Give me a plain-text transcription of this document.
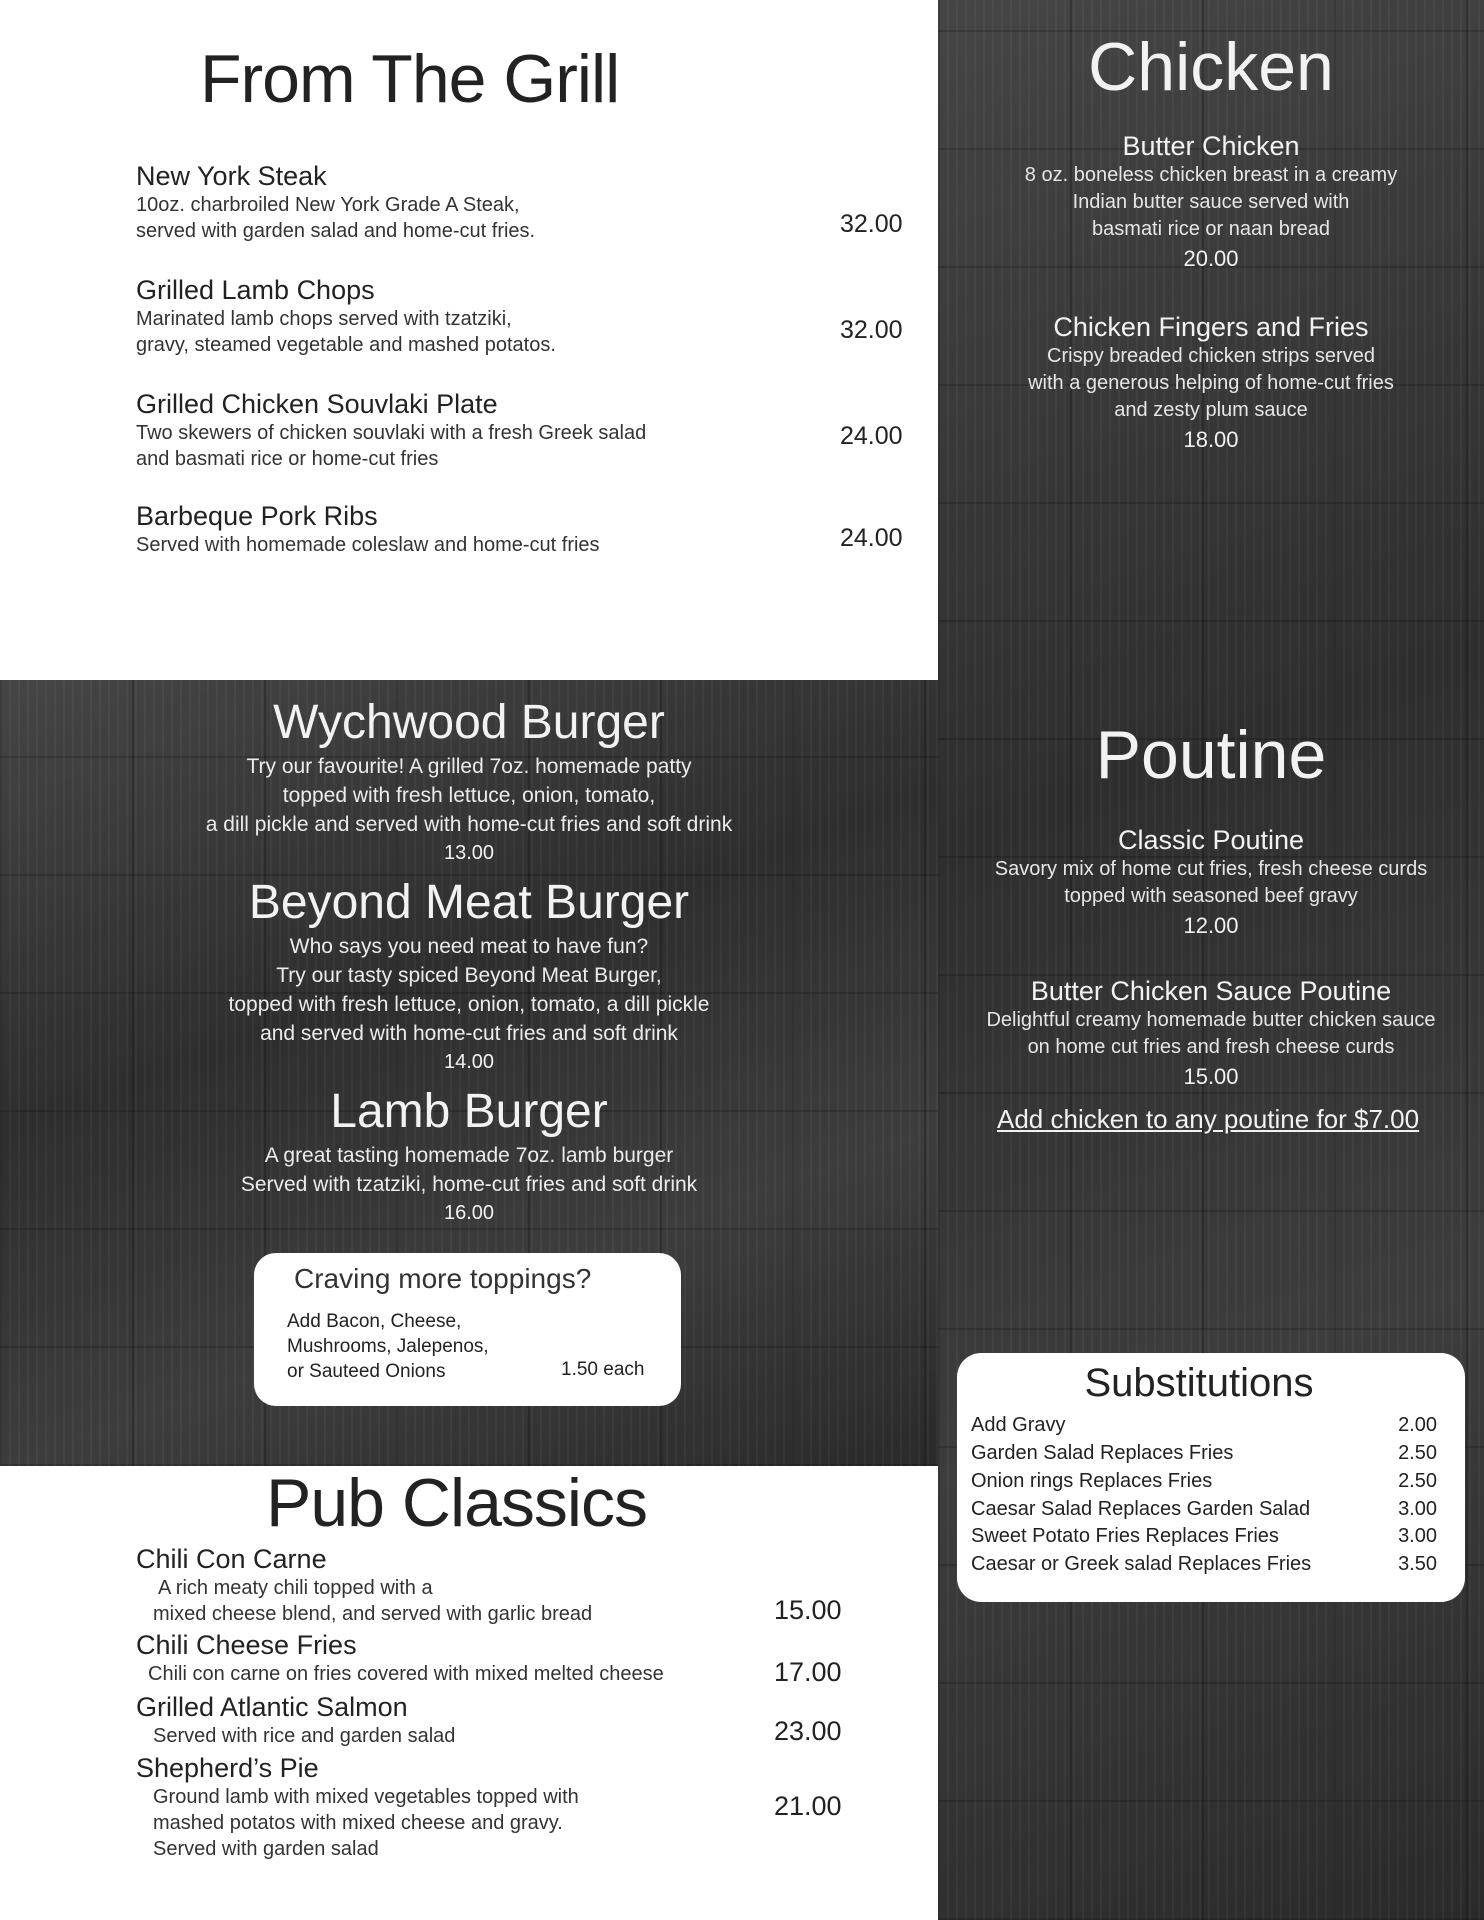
From The Grill
New York Steak
10oz. charbroiled New York Grade A Steak,
served with garden salad and home-cut fries.	32.00
Grilled Lamb Chops
Marinated lamb chops served with tzatziki,
gravy, steamed vegetable and mashed potatos.
32.00
Grilled Chicken Souvlaki Plate
Two skewers of chicken souvlaki with a fresh Greek salad
and basmati rice or home-cut fries
24.00
Barbeque Pork Ribs
Served with homemade coleslaw and home-cut fries	24.00
Chicken
Butter Chicken
8 oz. boneless chicken breast in a creamy
Indian butter sauce served with
basmati rice or naan bread
20.00
Chicken Fingers and Fries
Crispy breaded chicken strips served
with a generous helping of home-cut fries
and zesty plum sauce
18.00
Poutine
Classic Poutine
Savory mix of home cut fries, fresh cheese curds
topped with seasoned beef gravy
12.00
Butter Chicken Sauce Poutine
Delightful creamy homemade butter chicken sauce
on home cut fries and fresh cheese curds
15.00
Add chicken to any poutine for $7.00
Wychwood Burger
Try our favourite! A grilled 7oz. homemade patty
topped with fresh lettuce, onion, tomato,
a dill pickle and served with home-cut fries and soft drink
13.00
Beyond Meat Burger
Who says you need meat to have fun?
Try our tasty spiced Beyond Meat Burger,
topped with fresh lettuce, onion, tomato, a dill pickle
and served with home-cut fries and soft drink
14.00
Lamb Burger
A great tasting homemade 7oz. lamb burger
Served with tzatziki, home-cut fries and soft drink
16.00
Craving more toppings?
Add Bacon, Cheese,
Mushrooms, Jalepenos,
or Sauteed Onions	1.50 each	Substitutions
Add Gravy	2.00
Garden Salad Replaces Fries	2.50
Onion rings Replaces Fries	2.50
Caesar Salad Replaces Garden Salad	3.00
Sweet Potato Fries Replaces Fries	3.00
Caesar or Greek salad Replaces Fries	3.50
Pub Classics
Chili Con Carne
A rich meaty chili topped with a
mixed cheese blend, and served with garlic bread	15.00
Chili Cheese Fries
Chili con carne on fries covered with mixed melted cheese	17.00
Grilled Atlantic Salmon
Served with rice and garden salad	23.00
Shepherd’s Pie
Ground lamb with mixed vegetables topped with
mashed potatos with mixed cheese and gravy.
Served with garden salad
21.00
